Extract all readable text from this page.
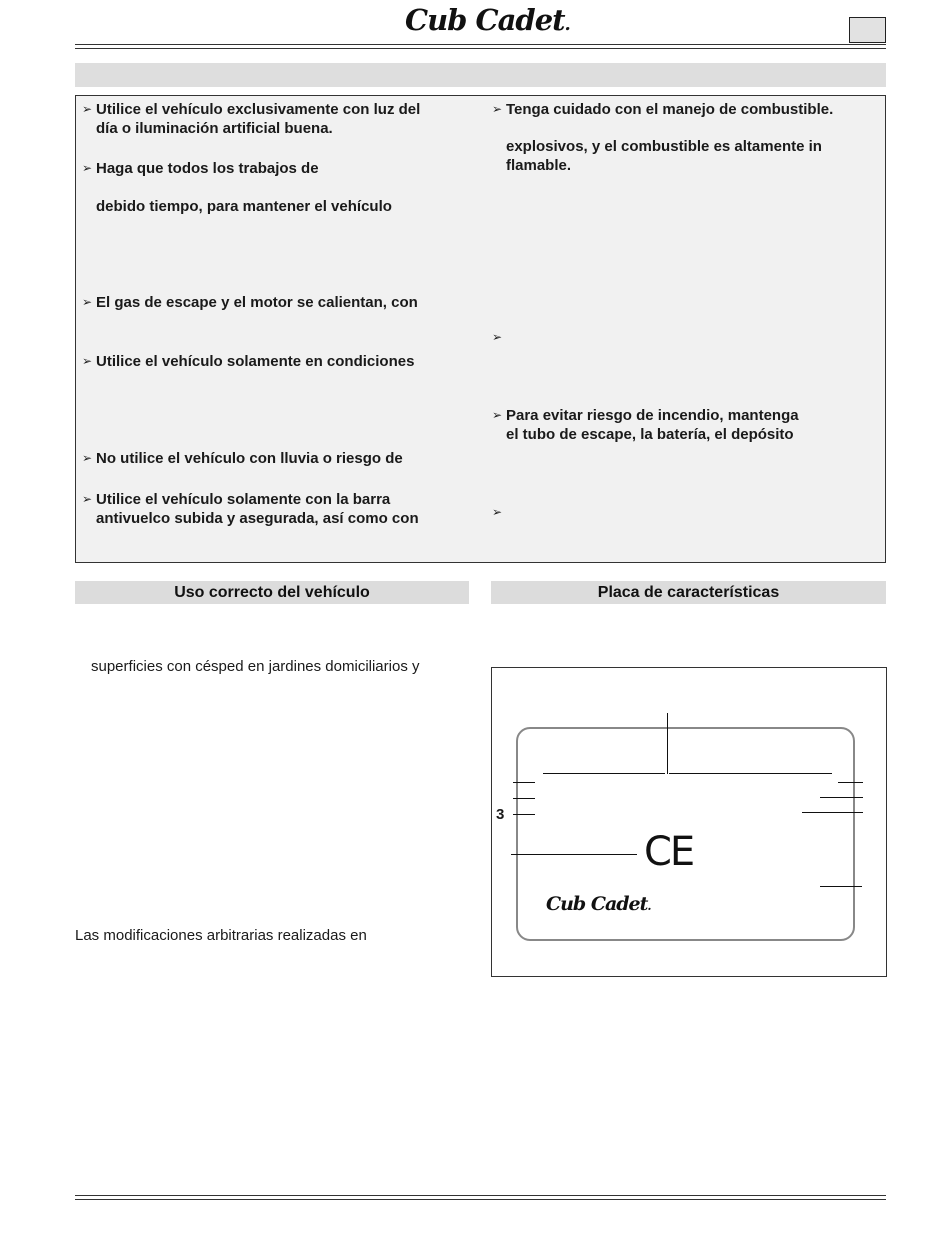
Cub Cadet.
➢ Utilice el vehículo exclusivamente con luz del
día o iluminación artificial buena.
➢ Haga que todos los trabajos de
debido tiempo, para mantener el vehículo
➢ El gas de escape y el motor se calientan, con
➢ Utilice el vehículo solamente en condiciones
➢ No utilice el vehículo con lluvia o riesgo de
➢ Utilice el vehículo solamente con la barra
antivuelco subida y asegurada, así como con
➢ Tenga cuidado con el manejo de combustible.
explosivos, y el combustible es altamente in
flamable.
➢
➢ Para evitar riesgo de incendio, mantenga
el tubo de escape, la batería, el depósito
➢
Uso correcto del vehículo	Placa de características
superficies con césped en jardines domiciliarios y
Las modificaciones arbitrarias realizadas en
3
CE
Cub Cadet.
